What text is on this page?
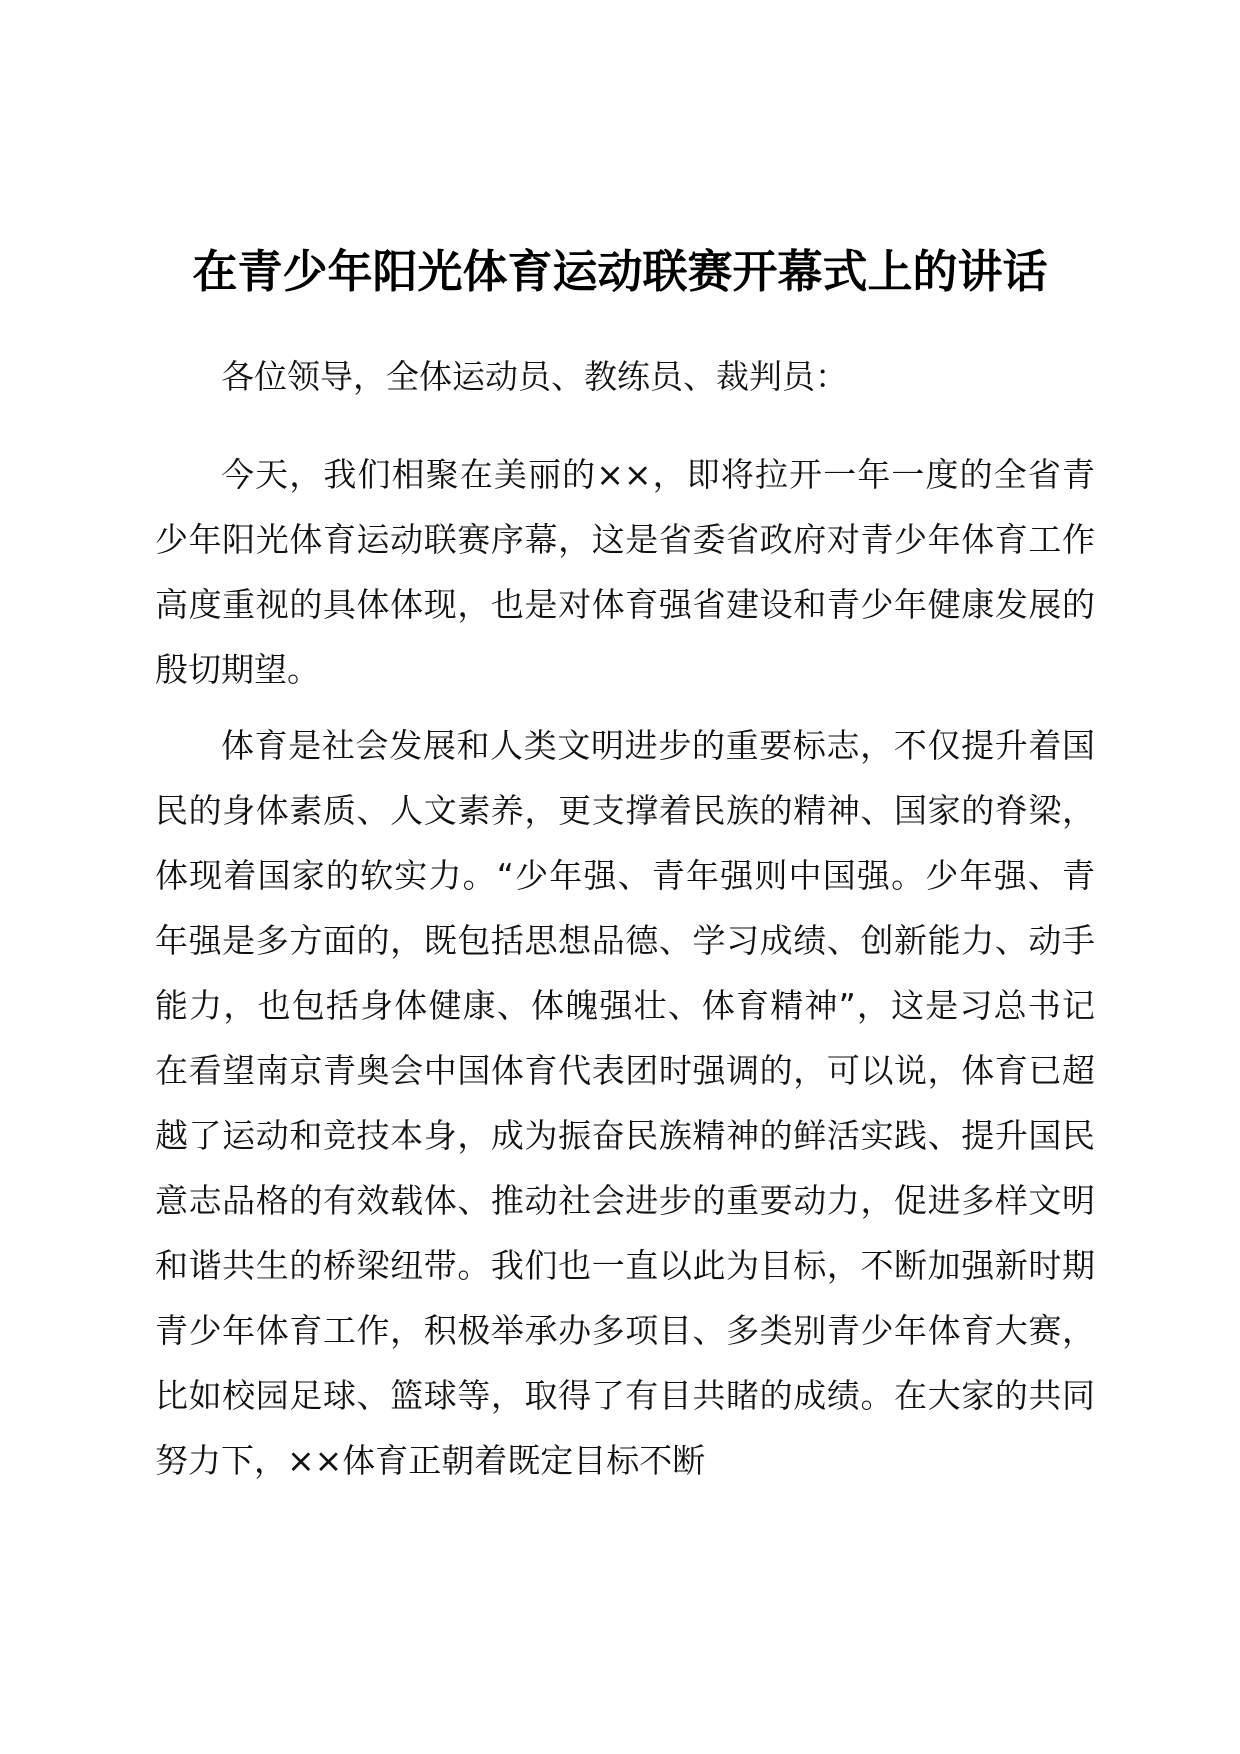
在青少年阳光体育运动联赛开幕式上的讲话

各位领导，全体运动员、教练员、裁判员：

今天，我们相聚在美丽的××，即将拉开一年一度的全省青少年阳光体育运动联赛序幕，这是省委省政府对青少年体育工作高度重视的具体体现，也是对体育强省建设和青少年健康发展的殷切期望。

体育是社会发展和人类文明进步的重要标志，不仅提升着国民的身体素质、人文素养，更支撑着民族的精神、国家的脊梁，体现着国家的软实力。“少年强、青年强则中国强。少年强、青年强是多方面的，既包括思想品德、学习成绩、创新能力、动手能力，也包括身体健康、体魄强壮、体育精神”，这是习总书记在看望南京青奥会中国体育代表团时强调的，可以说，体育已超越了运动和竞技本身，成为振奋民族精神的鲜活实践、提升国民意志品格的有效载体、推动社会进步的重要动力，促进多样文明和谐共生的桥梁纽带。我们也一直以此为目标，不断加强新时期青少年体育工作，积极举承办多项目、多类别青少年体育大赛，比如校园足球、篮球等，取得了有目共睹的成绩。在大家的共同努力下，××体育正朝着既定目标不断
